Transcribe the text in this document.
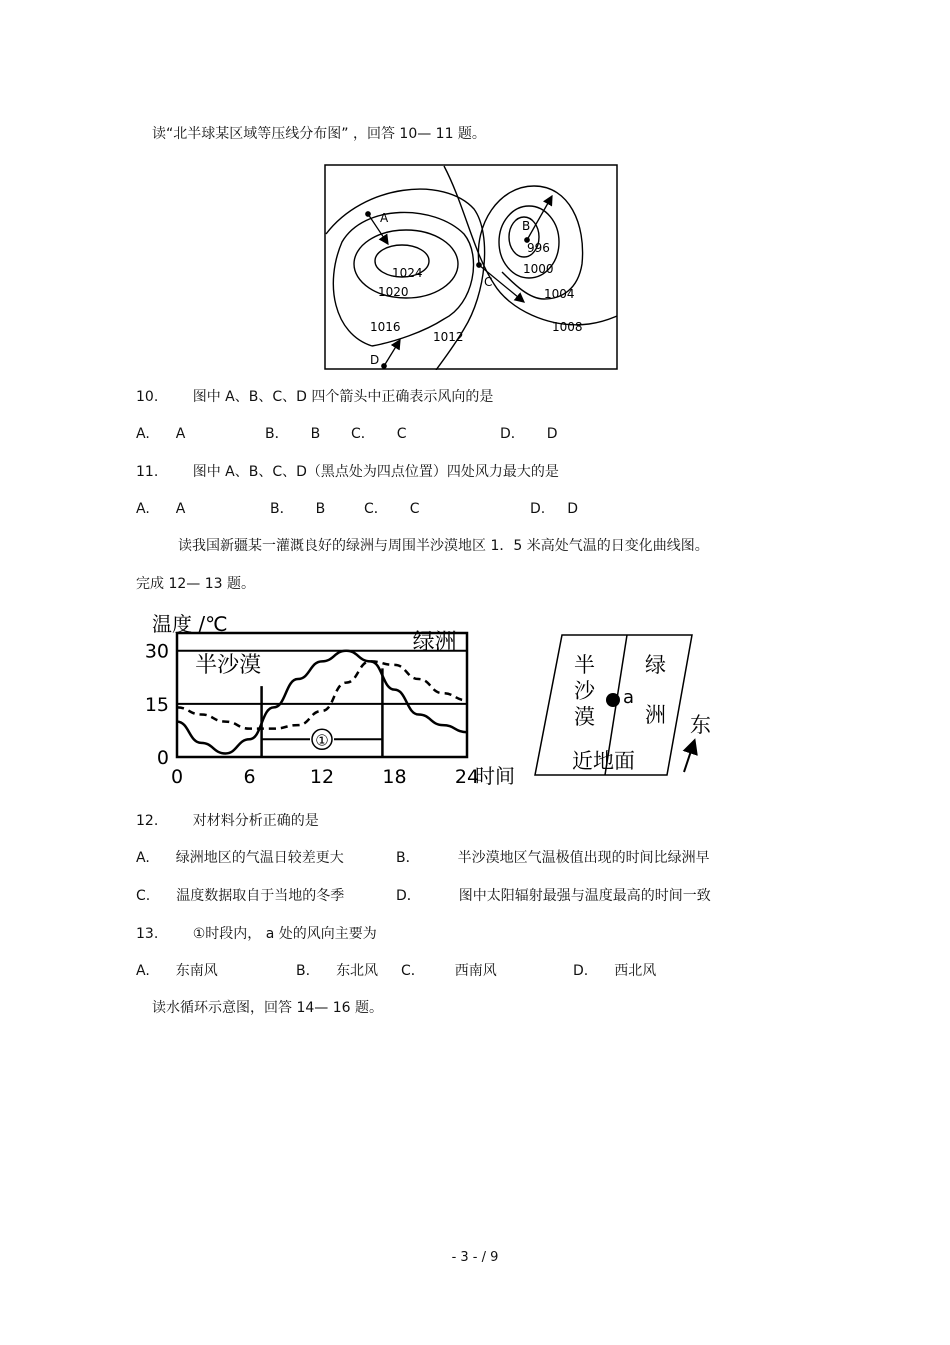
读“北半球某区域等压线分布图” ，回答 10— 11 题。
A
B
C
D
1024
1020
1016
1012
996
1000
1004
1008
10. 图中 A、B、C、D 四个箭头中正确表示风向的是
A. A	B． B C． C	D． D
11. 图中 A、B、C、D（黑点处为四点位置）四处风力最大的是
A. A	B． B	C． C	D. D
读我国新疆某一灌溉良好的绿洲与周围半沙漠地区 1．5 米高处气温的日变化曲线图。
完成 12— 13 题。
温度 /℃
时间
0
15
30
0	6	12	18	24
①
半沙漠
绿洲
半
沙
漠
绿
洲
近地面
东
a
12. 对材料分析正确的是
A. 绿洲地区的气温日较差更大	B．	半沙漠地区气温极值出现的时间比绿洲早
C. 温度数据取自于当地的冬季	D．	图中太阳辐射最强与温度最高的时间一致
13. ①时段内， a 处的风向主要为
A. 东南风	B. 东北风 C． 西南风	D. 西北风
读水循环示意图，回答 14— 16 题。
- 3 - / 9
